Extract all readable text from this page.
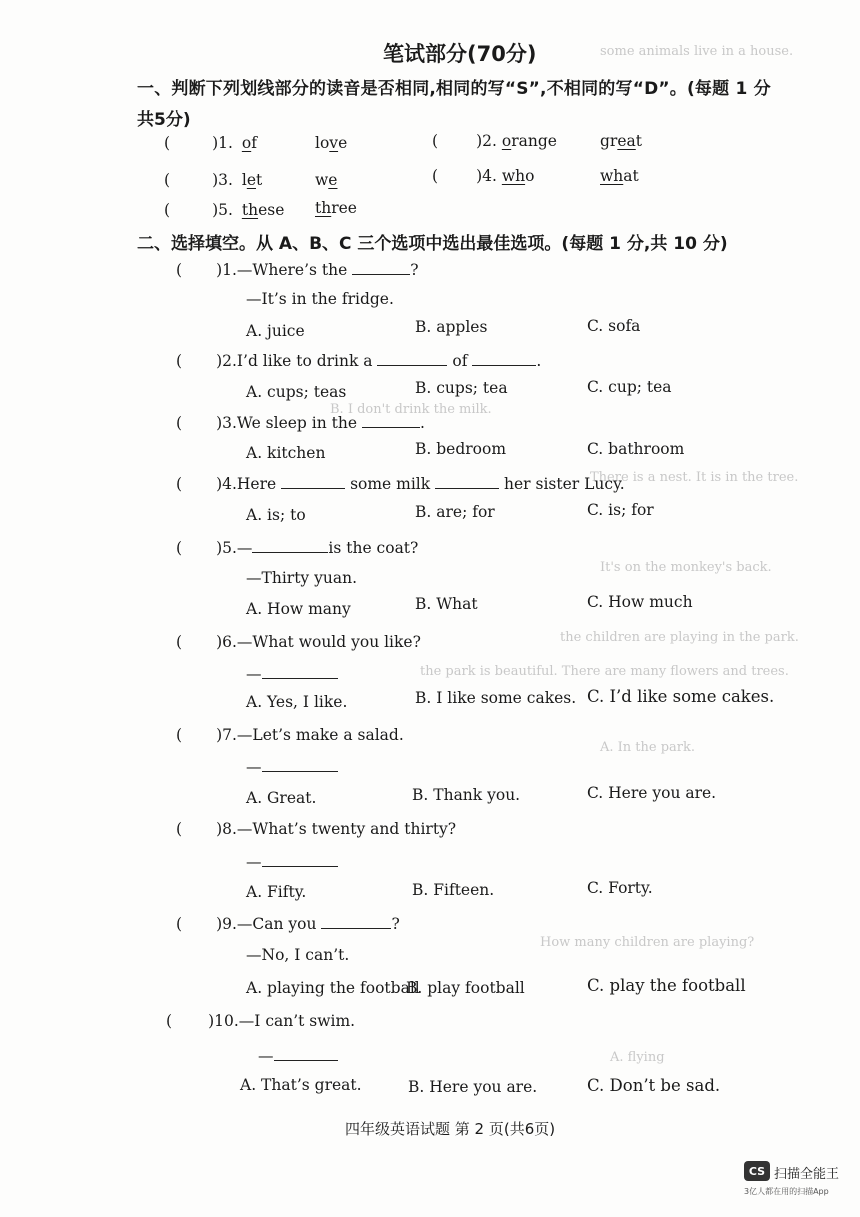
some animals live in a house.
B. I don't drink the milk.
There is a nest. It is in the tree.
It's on the monkey's back.
the children are playing in the park.
the park is beautiful. There are many flowers and trees.
A. In the park.
How many children are playing?
A. flying
笔试部分(70分)
一、判断下列划线部分的读音是否相同,相同的写“S”,不相同的写“D”。(每题 1 分
共5分)
(	)1. of	love	( )2. orange	great
(	)3. let	we	( )4. who	what
(	)5. these three
二、选择填空。从 A、B、C 三个选项中选出最佳选项。(每题 1 分,共 10 分)
( )1.—Where’s the	?
—It’s in the fridge.
A. juice	B. apples	C. sofa
( )2.I’d like to drink a	of	.
A. cups; teas	B. cups; tea	C. cup; tea
( )3.We sleep in the	.
A. kitchen	B. bedroom	C. bathroom
( )4.Here	some milk	her sister Lucy.
A. is; to	B. are; for	C. is; for
( )5.—	is the coat?
—Thirty yuan.
A. How many	B. What	C. How much
( )6.—What would you like?
—
A. Yes, I like.	B. I like some cakes. C. I’d like some cakes.
( )7.—Let’s make a salad.
—
A. Great.	B. Thank you.	C. Here you are.
( )8.—What’s twenty and thirty?
—
A. Fifty.	B. Fifteen.	C. Forty.
( )9.—Can you	?
—No, I can’t.
A. playing the football
B. play football	C. play the football
( )10.—I can’t swim.
—
A. That’s great.	B. Here you are.	C. Don’t be sad.
四年级英语试题 第 2 页(共6页)
CS 扫描全能王
3亿人都在用的扫描App
